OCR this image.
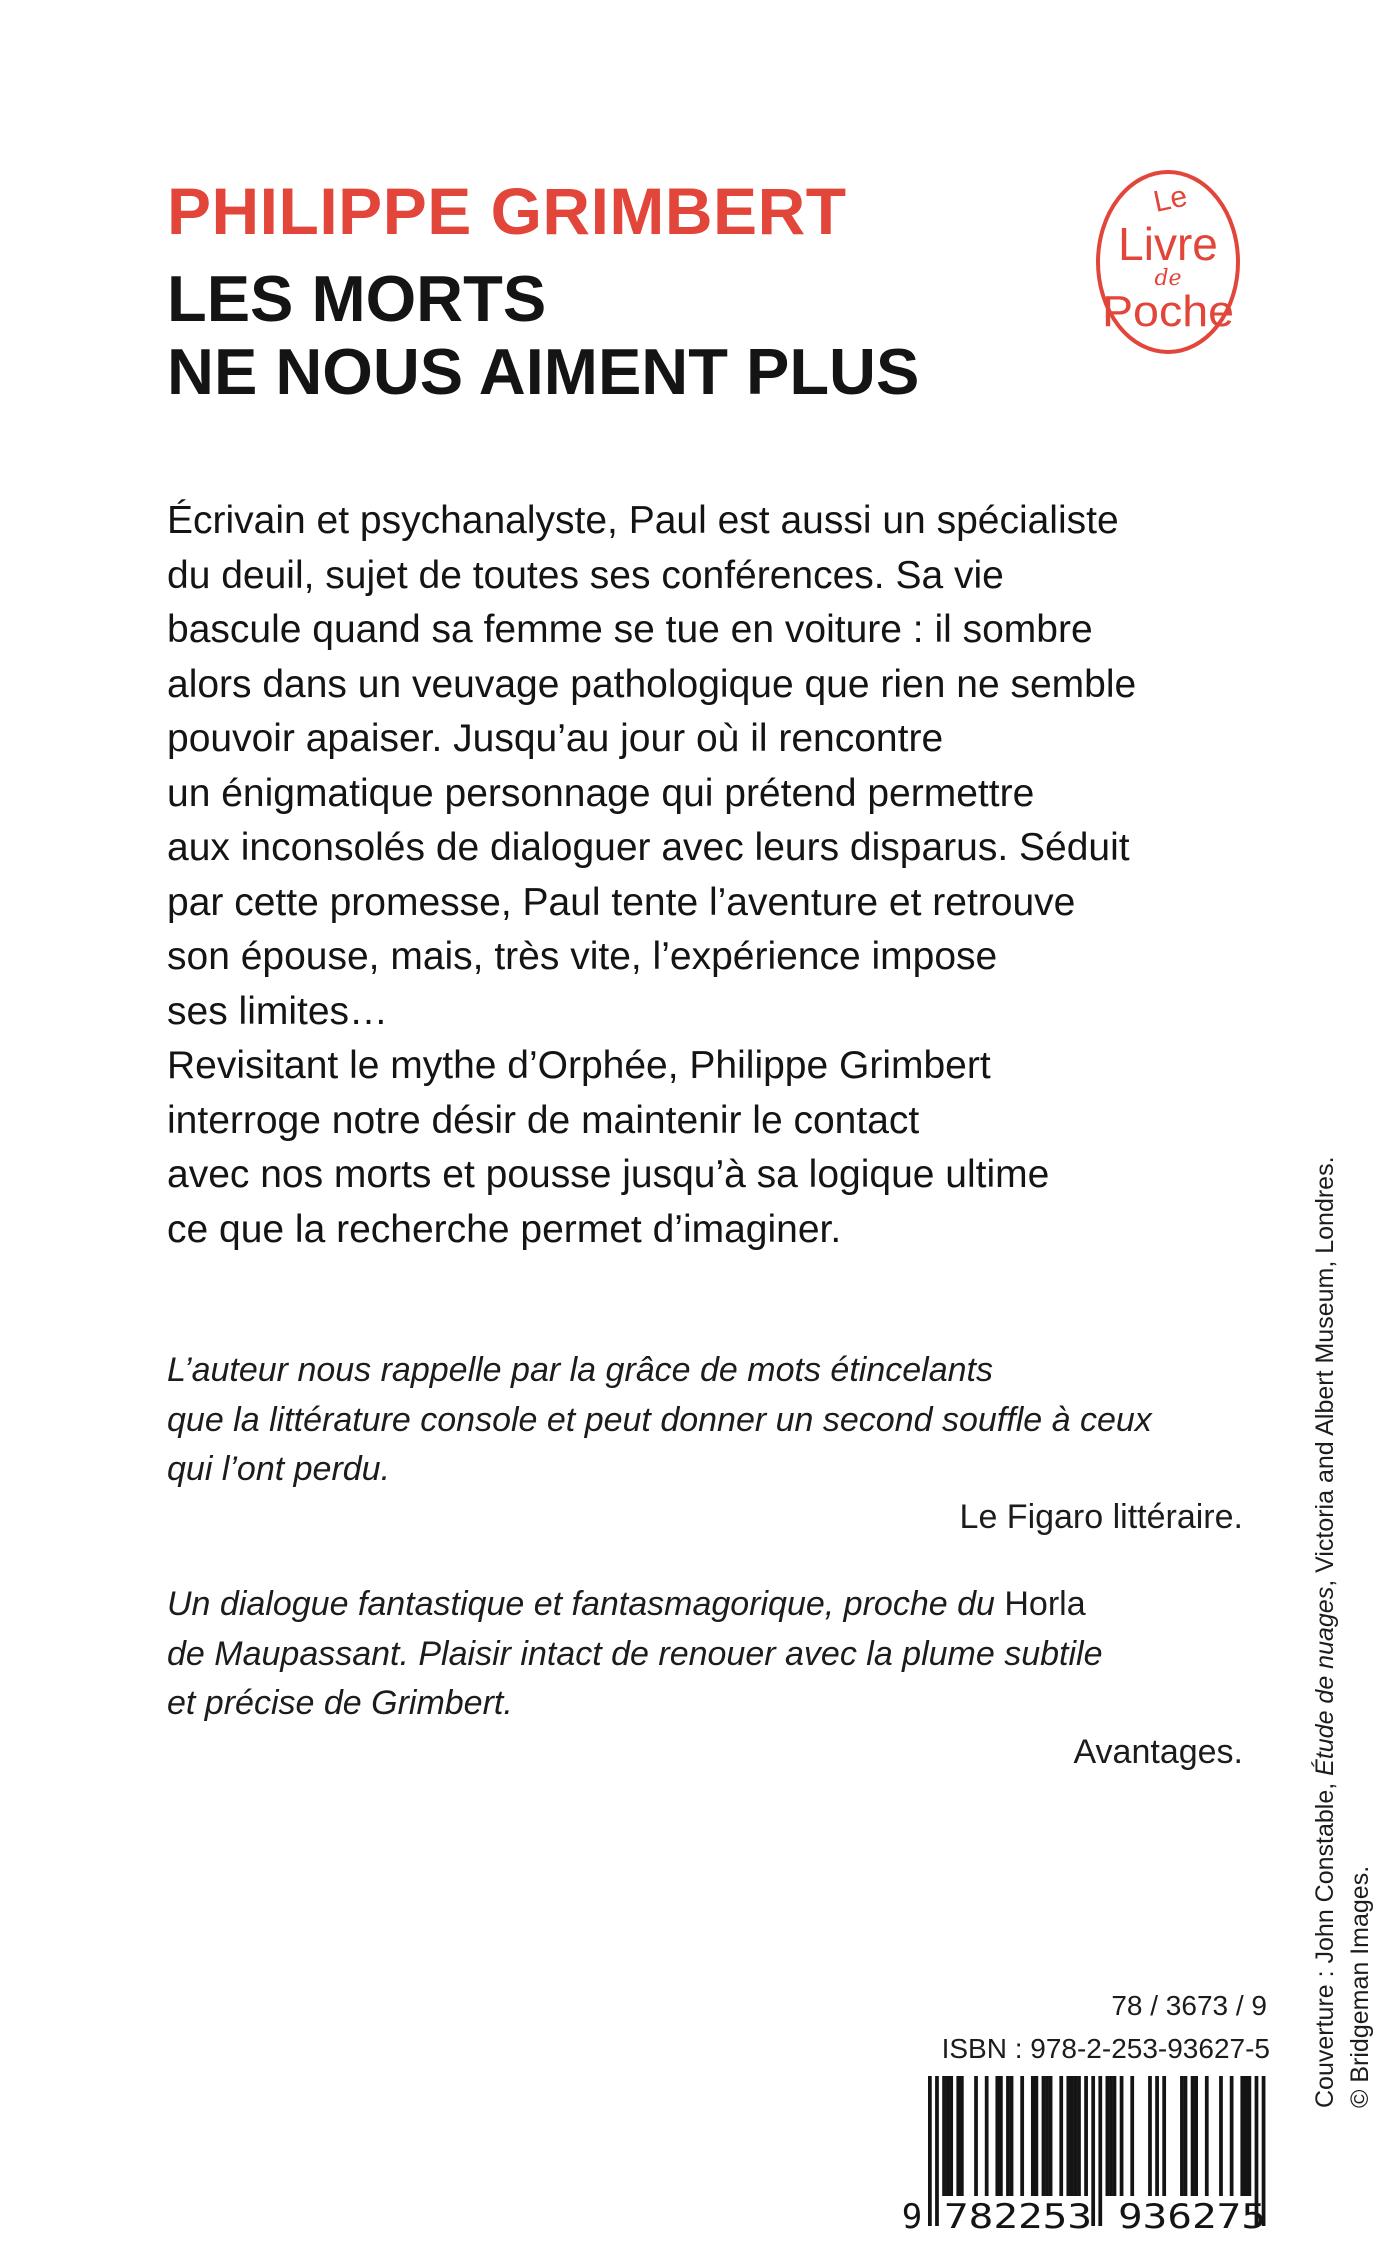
PHILIPPE GRIMBERT
LES MORTS
NE NOUS AIMENT PLUS
Le
Livre
de
Poche
Écrivain et psychanalyste, Paul est aussi un spécialiste
du deuil, sujet de toutes ses conférences. Sa vie
bascule quand sa femme se tue en voiture : il sombre
alors dans un veuvage pathologique que rien ne semble
pouvoir apaiser. Jusqu’au jour où il rencontre
un énigmatique personnage qui prétend permettre
aux inconsolés de dialoguer avec leurs disparus. Séduit
par cette promesse, Paul tente l’aventure et retrouve
son épouse, mais, très vite, l’expérience impose
ses limites…
Revisitant le mythe d’Orphée, Philippe Grimbert
interroge notre désir de maintenir le contact
avec nos morts et pousse jusqu’à sa logique ultime
ce que la recherche permet d’imaginer.
L’auteur nous rappelle par la grâce de mots étincelants
que la littérature console et peut donner un second souffle à ceux
qui l’ont perdu.
Le Figaro littéraire.
Un dialogue fantastique et fantasmagorique, proche du Horla
de Maupassant. Plaisir intact de renouer avec la plume subtile
et précise de Grimbert.
Avantages.
Couverture : John Constable, Étude de nuages, Victoria and Albert Museum, Londres.
© Bridgeman Images.
78 / 3673 / 9
ISBN : 978-2-253-93627-5
9 782253 936275
